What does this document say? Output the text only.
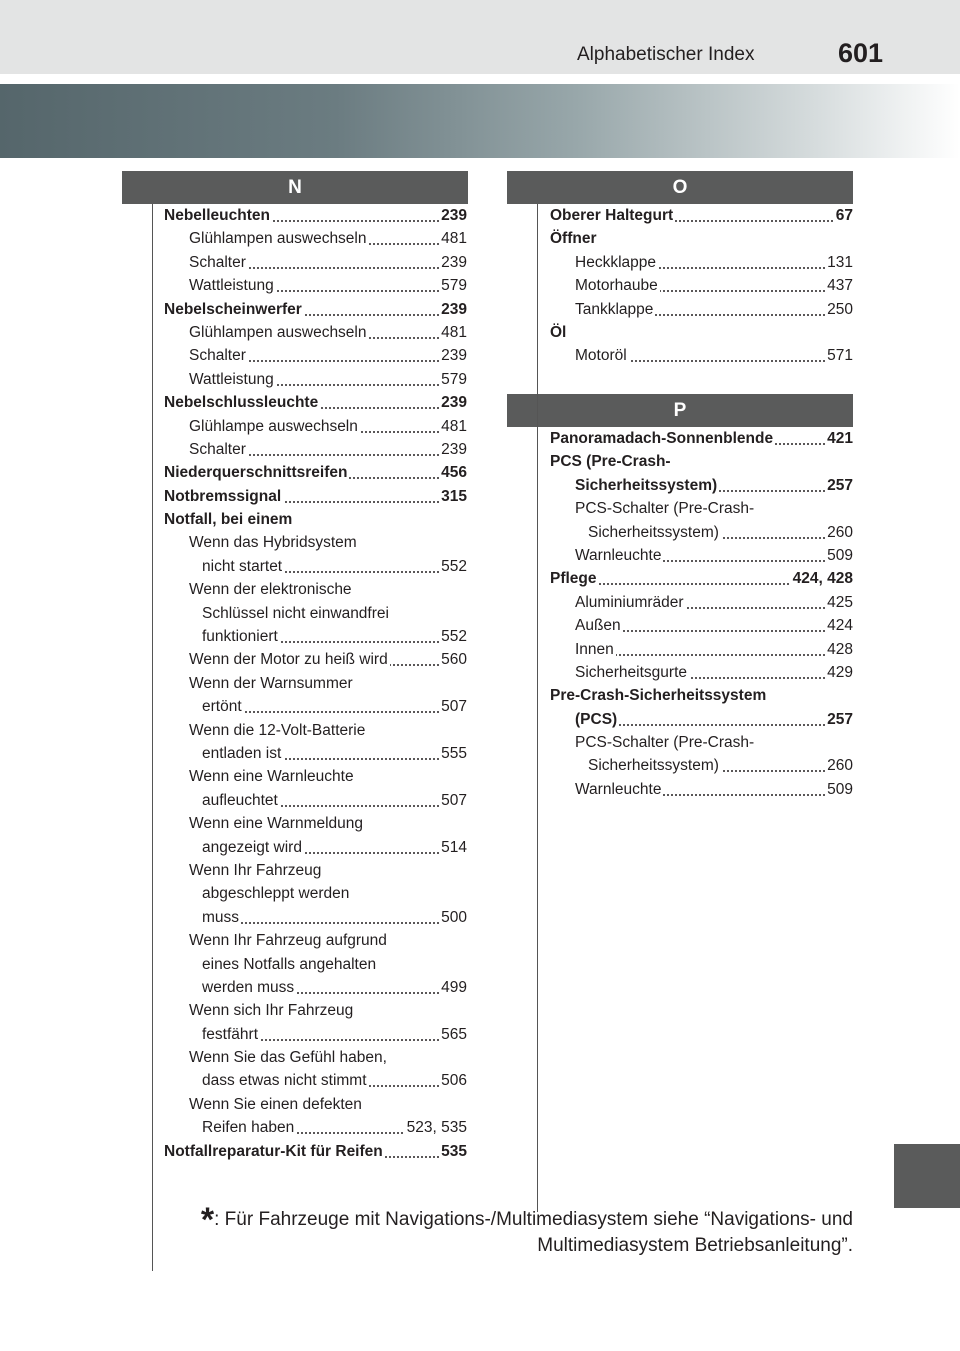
Alphabetischer Index	601
N	O
P
Nebelleuchten	239
Glühlampen auswechseln	481
Schalter	239
Wattleistung	579
Nebelscheinwerfer	239
Glühlampen auswechseln	481
Schalter	239
Wattleistung	579
Nebelschlussleuchte	239
Glühlampe auswechseln	481
Schalter	239
Niederquerschnittsreifen	456
Notbremssignal	315
Notfall, bei einem
Wenn das Hybridsystem
nicht startet	552
Wenn der elektronische
Schlüssel nicht einwandfrei
funktioniert	552
Wenn der Motor zu heiß wird	560
Wenn der Warnsummer
ertönt	507
Wenn die 12-Volt-Batterie
entladen ist	555
Wenn eine Warnleuchte
aufleuchtet	507
Wenn eine Warnmeldung
angezeigt wird	514
Wenn Ihr Fahrzeug
abgeschleppt werden
muss	500
Wenn Ihr Fahrzeug aufgrund
eines Notfalls angehalten
werden muss	499
Wenn sich Ihr Fahrzeug
festfährt	565
Wenn Sie das Gefühl haben,
dass etwas nicht stimmt	506
Wenn Sie einen defekten
Reifen haben	523, 535
Notfallreparatur-Kit für Reifen	535
Oberer Haltegurt	67
Öffner
Heckklappe	131
Motorhaube	437
Tankklappe	250
Öl
Motoröl	571
Panoramadach-Sonnenblende	421
PCS (Pre-Crash-
Sicherheitssystem)	257
PCS-Schalter (Pre-Crash-
Sicherheitssystem)	260
Warnleuchte	509
Pflege	424, 428
Aluminiumräder	425
Außen	424
Innen	428
Sicherheitsgurte	429
Pre-Crash-Sicherheitssystem
(PCS)	257
PCS-Schalter (Pre-Crash-
Sicherheitssystem)	260
Warnleuchte	509
*: Für Fahrzeuge mit Navigations-/Multimediasystem siehe “Navigations- und
Multimediasystem Betriebsanleitung”.
